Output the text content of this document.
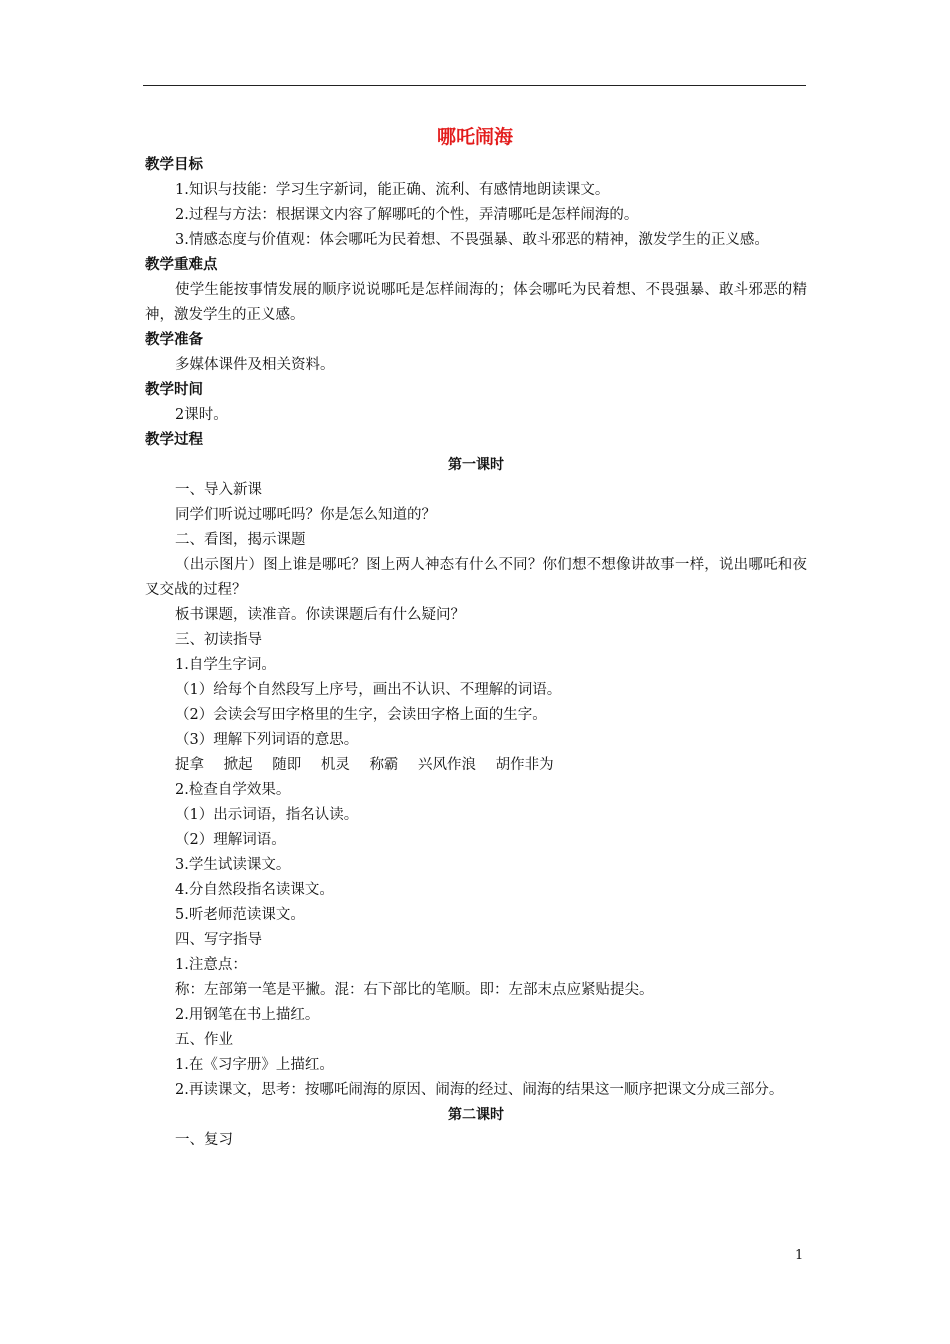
哪吒闹海
教学目标
1.知识与技能：学习生字新词，能正确、流利、有感情地朗读课文。
2.过程与方法：根据课文内容了解哪吒的个性，弄清哪吒是怎样闹海的。
3.情感态度与价值观：体会哪吒为民着想、不畏强暴、敢斗邪恶的精神，激发学生的正义感。
教学重难点
使学生能按事情发展的顺序说说哪吒是怎样闹海的；体会哪吒为民着想、不畏强暴、敢斗邪恶的精神，激发学生的正义感。
教学准备
多媒体课件及相关资料。
教学时间
2课时。
教学过程
第一课时
一、导入新课
同学们听说过哪吒吗？你是怎么知道的？
二、看图，揭示课题
（出示图片）图上谁是哪吒？图上两人神态有什么不同？你们想不想像讲故事一样，说出哪吒和夜叉交战的过程？
板书课题，读准音。你读课题后有什么疑问？
三、初读指导
1.自学生字词。
（1）给每个自然段写上序号，画出不认识、不理解的词语。
（2）会读会写田字格里的生字，会读田字格上面的生字。
（3）理解下列词语的意思。
捉拿 掀起 随即 机灵 称霸 兴风作浪 胡作非为
2.检查自学效果。
（1）出示词语，指名认读。
（2）理解词语。
3.学生试读课文。
4.分自然段指名读课文。
5.听老师范读课文。
四、写字指导
1.注意点：
称：左部第一笔是平撇。混：右下部比的笔顺。即：左部末点应紧贴提尖。
2.用钢笔在书上描红。
五、作业
1.在《习字册》上描红。
2.再读课文，思考：按哪吒闹海的原因、闹海的经过、闹海的结果这一顺序把课文分成三部分。
第二课时
一、复习
1
